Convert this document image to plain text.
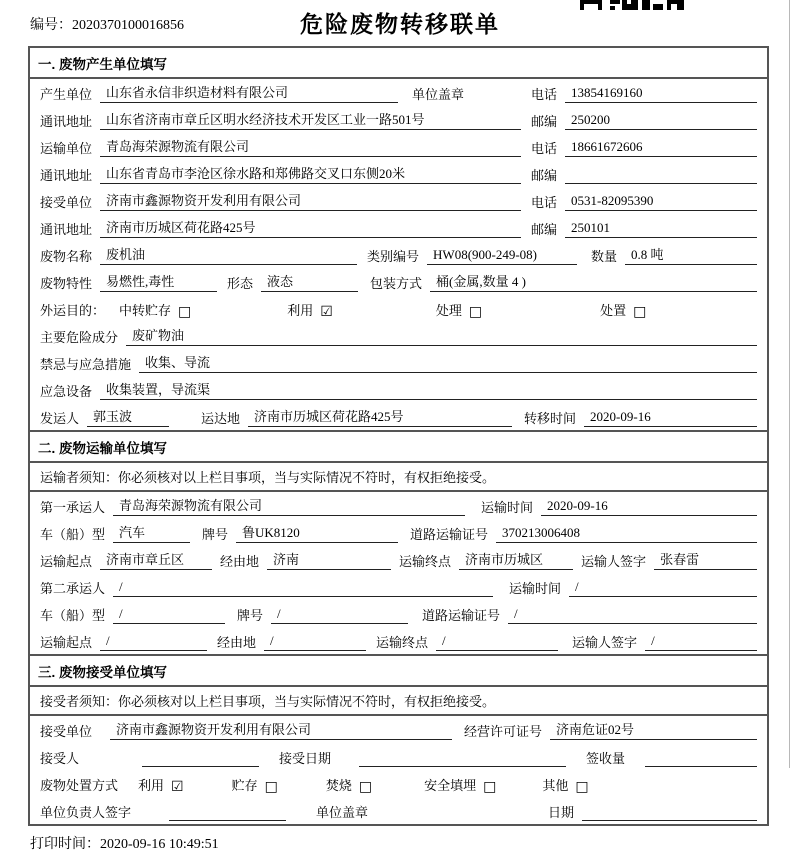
编号：2020370100016856	危险废物转移联单
一. 废物产生单位填写
产生单位	山东省永信非织造材料有限公司	单位盖章	电话	13854169160
通讯地址	山东省济南市章丘区明水经济技术开发区工业一路501号	邮编	250200
运输单位	青岛海荣源物流有限公司	电话	18661672606
通讯地址	山东省青岛市李沧区徐水路和郑佛路交叉口东侧20米	邮编
接受单位	济南市鑫源物资开发利用有限公司	电话	0531-82095390
通讯地址	济南市历城区荷花路425号	邮编	250101
废物名称	废机油	类别编号	HW08(900-249-08)	数量	0.8 吨
废物特性	易燃性,毒性	形态	液态	包装方式	桶(金属,数量 4 )
外运目的： 中转贮存 □	利用 ☑	处理 □	处置 □
主要危险成分	废矿物油
禁忌与应急措施	收集、导流
应急设备	收集装置，导流渠
发运人	郭玉波	运达地	济南市历城区荷花路425号	转移时间	2020-09-16
二. 废物运输单位填写
运输者须知：你必须核对以上栏目事项，当与实际情况不符时，有权拒绝接受。
第一承运人	青岛海荣源物流有限公司	运输时间	2020-09-16
车（船）型	汽车	牌号	鲁UK8120	道路运输证号	370213006408
运输起点	济南市章丘区	经由地	济南	运输终点	济南市历城区	运输人签字	张春雷
第二承运人	/	运输时间	/
车（船）型	/	牌号	/	道路运输证号	/
运输起点	/	经由地	/	运输终点	/	运输人签字	/
三. 废物接受单位填写
接受者须知：你必须核对以上栏目事项，当与实际情况不符时，有权拒绝接受。
接受单位	济南市鑫源物资开发利用有限公司	经营许可证号	济南危证02号
接受人	接受日期	签收量
废物处置方式 利用 ☑	贮存 □	焚烧 □	安全填埋 □	其他 □
单位负责人签字	单位盖章	日期
打印时间：2020-09-16 10:49:51
